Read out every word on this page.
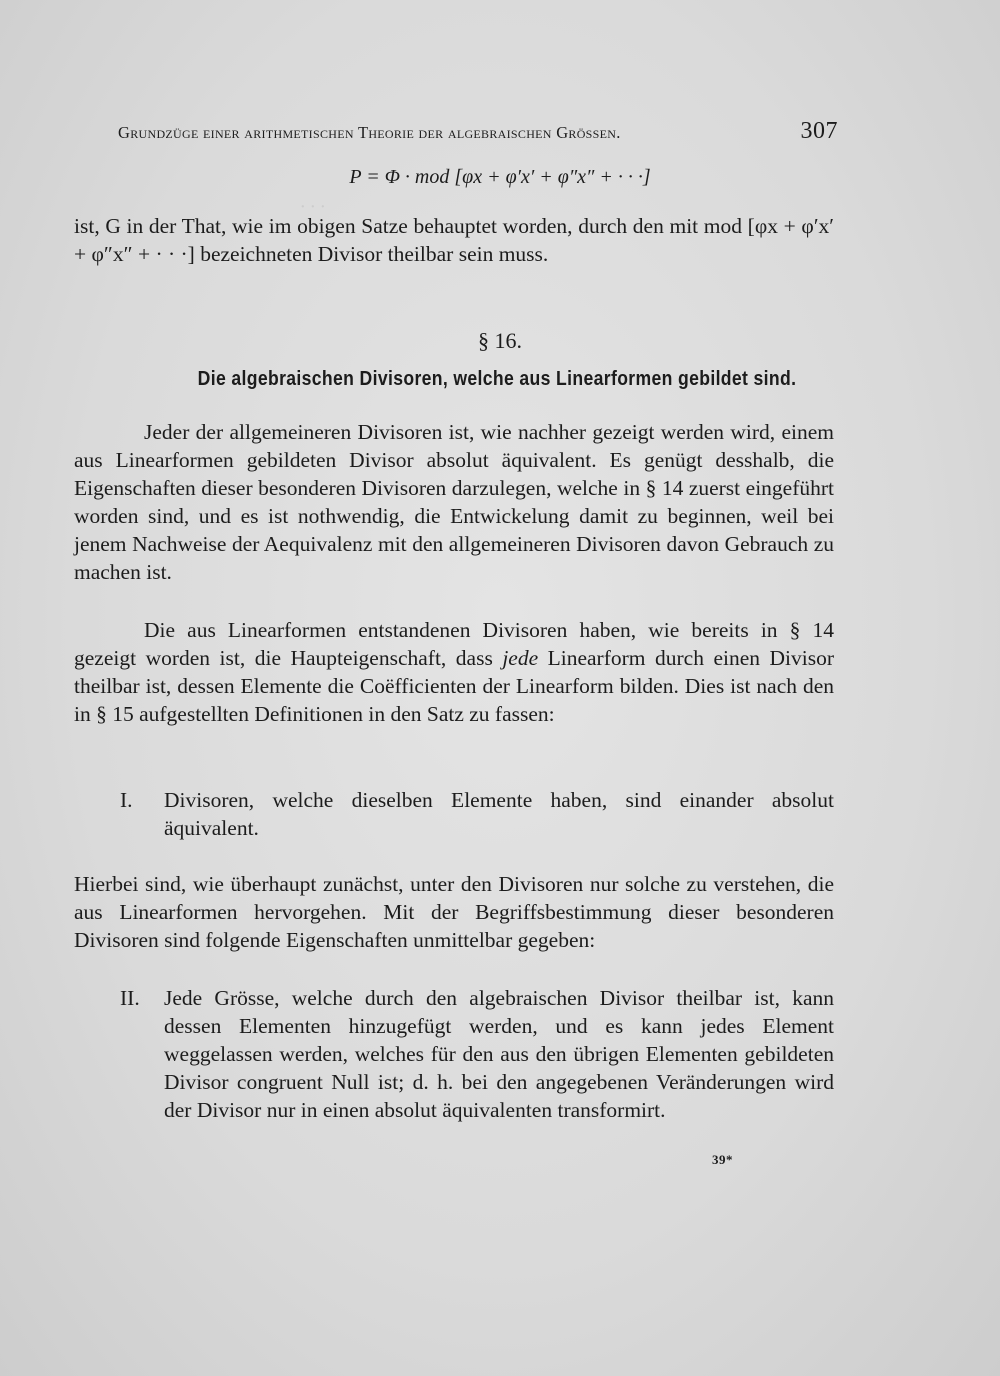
· · ·
Grundzüge einer arithmetischen Theorie der algebraischen Grössen.	307
P = Φ · mod [φx + φ′x′ + φ″x″ + · · ·]

ist, G in der That, wie im obigen Satze behauptet worden, durch den mit mod [φx + φ′x′ + φ″x″ + · · ·] bezeichneten Divisor theilbar sein muss.

§ 16.
Die algebraischen Divisoren, welche aus Linearformen gebildet sind.

Jeder der allgemeineren Divisoren ist, wie nachher gezeigt werden wird, einem aus Linearformen gebildeten Divisor absolut äquivalent. Es genügt desshalb, die Eigenschaften dieser besonderen Divisoren darzulegen, welche in § 14 zuerst eingeführt worden sind, und es ist nothwendig, die Entwickelung damit zu beginnen, weil bei jenem Nachweise der Aequivalenz mit den allgemeineren Divisoren davon Gebrauch zu machen ist.

Die aus Linearformen entstandenen Divisoren haben, wie bereits in § 14 gezeigt worden ist, die Haupteigenschaft, dass jede Linearform durch einen Divisor theilbar ist, dessen Elemente die Coëfficienten der Linearform bilden. Dies ist nach den in § 15 aufgestellten Definitionen in den Satz zu fassen:

I.	Divisoren, welche dieselben Elemente haben, sind einander absolut äquivalent.

Hierbei sind, wie überhaupt zunächst, unter den Divisoren nur solche zu verstehen, die aus Linearformen hervorgehen. Mit der Begriffsbestimmung dieser besonderen Divisoren sind folgende Eigenschaften unmittelbar gegeben:

II.	Jede Grösse, welche durch den algebraischen Divisor theilbar ist, kann dessen Elementen hinzugefügt werden, und es kann jedes Element weggelassen werden, welches für den aus den übrigen Elementen gebildeten Divisor congruent Null ist; d. h. bei den angegebenen Veränderungen wird der Divisor nur in einen absolut äquivalenten transformirt.
39*
